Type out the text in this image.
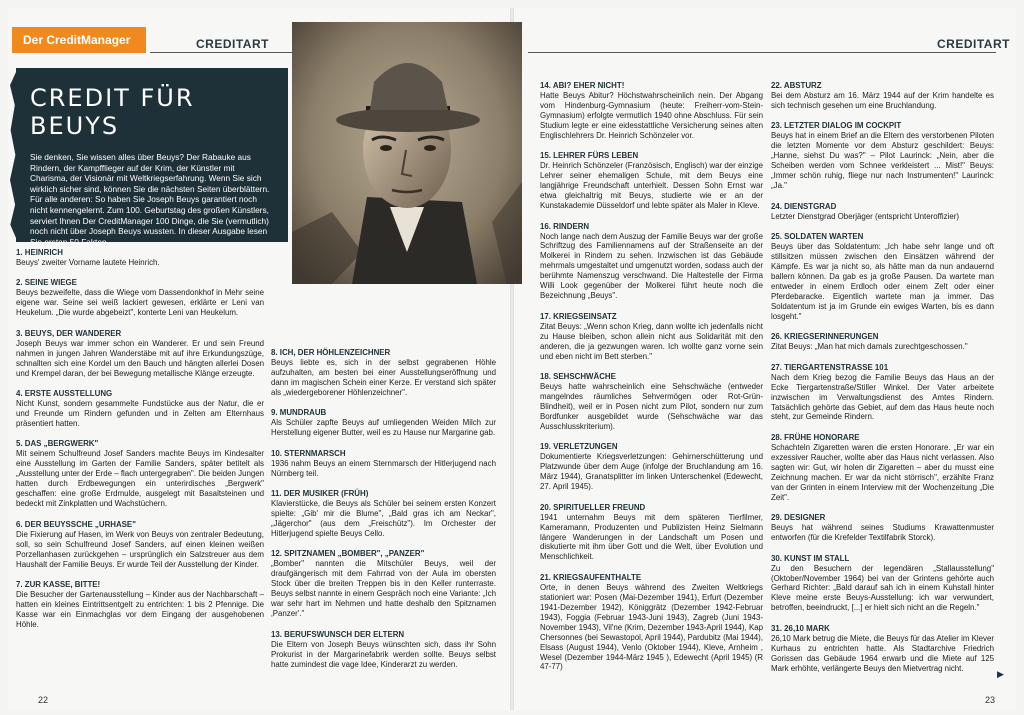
Der CreditManager	CREDITART	CREDITART
CREDIT FÜR BEUYS
Sie denken, Sie wissen alles über Beuys? Der Rabauke aus Rindern, der Kampfflieger auf der Krim, der Künstler mit Charisma, der Visionär mit Weltkriegserfahrung. Wenn Sie sich wirklich sicher sind, können Sie die nächsten Seiten überblättern. Für alle anderen: So haben Sie Joseph Beuys garantiert noch nicht kennengelernt. Zum 100. Geburtstag des großen Künstlers, serviert Ihnen Der CreditManager 100 Dinge, die Sie (vermutlich) noch nicht über Joseph Beuys wussten. In dieser Ausgabe lesen Sie ersten 50 Fakten.
1. HEINRICH

Beuys' zweiter Vorname lautete Heinrich.

2. SEINE WIEGE

Beuys bezweifelte, dass die Wiege vom Dassendonkhof in Mehr seine eigene war. Seine sei weiß lackiert gewesen, erklärte er Leni van Heukelum. „Die wurde abgebeizt", konterte Leni van Heukelum.

3. BEUYS, DER WANDERER

Joseph Beuys war immer schon ein Wanderer. Er und sein Freund nahmen in jungen Jahren Wanderstäbe mit auf ihre Erkundungszüge, schnallten sich eine Kordel um den Bauch und hängten allerlei Dosen und Krempel daran, der bei Bewegung metallische Klänge erzeugte.

4. ERSTE AUSSTELLUNG

Nicht Kunst, sondern gesammelte Fundstücke aus der Natur, die er und Freunde um Rindern gefunden und in Zelten am Elternhaus präsentiert hatten.

5. DAS „BERGWERK"

Mit seinem Schulfreund Josef Sanders machte Beuys im Kindesalter eine Ausstellung im Garten der Familie Sanders, später betitelt als „Ausstellung unter der Erde – flach untergegraben". Die beiden Jungen hatten durch Erdbewegungen ein unterirdisches „Bergwerk" geschaffen: eine große Erdmulde, ausgelegt mit Basaltsteinen und bedeckt mit Zinkplatten und Wachstüchern.

6. DER BEUYSSCHE „URHASE"

Die Fixierung auf Hasen, im Werk von Beuys von zentraler Bedeutung, soll, so sein Schulfreund Josef Sanders, auf einen kleinen weißen Porzellanhasen zurückgehen – ursprünglich ein Salzstreuer aus dem Haushalt der Familie Beuys. Er wurde Teil der Ausstellung der Kinder.

7. ZUR KASSE, BITTE!

Die Besucher der Gartenausstellung – Kinder aus der Nachbarschaft – hatten ein kleines Eintrittsentgelt zu entrichten: 1 bis 2 Pfennige. Die Kasse war ein Einmachglas vor dem Eingang der ausgehobenen Höhle.

8. ICH, DER HÖHLENZEICHNER

Beuys liebte es, sich in der selbst gegrabenen Höhle aufzuhalten, am besten bei einer Ausstellungseröffnung und dann im magischen Schein einer Kerze. Er verstand sich später als „wiedergeborener Höhlenzeichner".

9. MUNDRAUB

Als Schüler zapfte Beuys auf umliegenden Weiden Milch zur Herstellung eigener Butter, weil es zu Hause nur Margarine gab.

10. STERNMARSCH

1936 nahm Beuys an einem Sternmarsch der Hitlerjugend nach Nürnberg teil.

11. DER MUSIKER (FRÜH)

Klavierstücke, die Beuys als Schüler bei seinem ersten Konzert spielte: „Gib' mir die Blume", „Bald gras ich am Neckar", „Jägerchor" (aus dem „Freischütz"). Im Orchester der Hitlerjugend spielte Beuys Cello.

12. SPITZNAMEN „BOMBER", „PANZER"

„Bomber" nannten die Mitschüler Beuys, weil der draufgängerisch mit dem Fahrrad von der Aula im obersten Stock über die breiten Treppen bis in den Keller runterraste. Beuys selbst nannte in einem Gespräch noch eine Variante: „Ich war sehr hart im Nehmen und hatte deshalb den Spitznamen ‚Panzer'."

13. BERUFSWUNSCH DER ELTERN

Die Eltern von Joseph Beuys wünschten sich, dass ihr Sohn Prokurist in der Margarinefabrik werden sollte. Beuys selbst hatte zumindest die vage Idee, Kinderarzt zu werden.

14. ABI? EHER NICHT!

Hatte Beuys Abitur? Höchstwahrscheinlich nein. Der Abgang vom Hindenburg-Gymnasium (heute: Freiherr-vom-Stein-Gymnasium) erfolgte vermutlich 1940 ohne Abschluss. Für sein Studium legte er eine eidesstattliche Versicherung seines alten Englischlehrers Dr. Heinrich Schönzeler vor.

15. LEHRER FÜRS LEBEN

Dr. Heinrich Schönzeler (Französisch, Englisch) war der einzige Lehrer seiner ehemaligen Schule, mit dem Beuys eine langjährige Freundschaft unterhielt. Dessen Sohn Ernst war etwa gleichaltrig mit Beuys, studierte wie er an der Kunstakademie Düsseldorf und lebte später als Maler in Kleve.

16. RINDERN

Noch lange nach dem Auszug der Familie Beuys war der große Schriftzug des Familiennamens auf der Straßenseite an der Molkerei in Rindern zu sehen. Inzwischen ist das Gebäude mehrmals umgestaltet und umgenutzt worden, sodass auch der berühmte Namenszug verschwand. Die Haltestelle der Firma Willi Look gegenüber der Molkerei führt heute noch die Bezeichnung „Beuys".

17. KRIEGSEINSATZ

Zitat Beuys: „Wenn schon Krieg, dann wollte ich jedenfalls nicht zu Hause bleiben, schon allein nicht aus Solidarität mit den anderen, die ja gezwungen waren. Ich wollte ganz vorne sein und eben nicht im Bett sterben."

18. SEHSCHWÄCHE

Beuys hatte wahrscheinlich eine Sehschwäche (entweder mangelndes räumliches Sehvermögen oder Rot-Grün-Blindheit), weil er in Posen nicht zum Pilot, sondern nur zum Bordfunker ausgebildet wurde (Sehschwäche war das Ausschlusskriterium).

19. VERLETZUNGEN

Dokumentierte Kriegsverletzungen: Gehirnerschütterung und Platzwunde über dem Auge (infolge der Bruchlandung am 16. März 1944), Granatsplitter im linken Unterschenkel (Edewecht, 27. April 1945).

20. SPIRITUELLER FREUND

1941 unternahm Beuys mit dem späteren Tierfilmer, Kameramann, Produzenten und Publizisten Heinz Sielmann längere Wanderungen in der Landschaft um Posen und diskutierte mit ihm über Gott und die Welt, über Evolution und Menschlichkeit.

21. KRIEGSAUFENTHALTE

Orte, in denen Beuys während des Zweiten Weltkriegs stationiert war: Posen (Mai-Dezember 1941), Erfurt (Dezember 1941-Dezember 1942), Königgrätz (Dezember 1942-Februar 1943), Foggia (Februar 1943-Juni 1943), Zagreb (Juni 1943-November 1943), Vil'ne (Krim, Dezember 1943-April 1944), Kap Chersonnes (bei Sewastopol, April 1944), Pardubitz (Mai 1944), Elsass (August 1944), Venlo (Oktober 1944), Kleve, Arnheim , Wesel (Dezember 1944-März 1945 ), Edewecht (April 1945) (R 47-77)

22. ABSTURZ

Bei dem Absturz am 16. März 1944 auf der Krim handelte es sich technisch gesehen um eine Bruchlandung.

23. LETZTER DIALOG IM COCKPIT

Beuys hat in einem Brief an die Eltern des verstorbenen Piloten die letzten Momente vor dem Absturz geschildert: Beuys: „Hanne, siehst Du was?" – Pilot Laurinck: „Nein, aber die Scheiben werden vom Schnee verkleistert ... Mist!" Beuys: „Immer schön ruhig, fliege nur nach Instrumenten!" Laurinck: „Ja."

24. DIENSTGRAD

Letzter Dienstgrad Oberjäger (entspricht Unteroffizier)

25. SOLDATEN WARTEN

Beuys über das Soldatentum: „Ich habe sehr lange und oft stillsitzen müssen zwischen den Einsätzen während der Kämpfe. Es war ja nicht so, als hätte man da nun andauernd ballern können. Da gab es ja große Pausen. Da wartete man entweder in einem Erdloch oder einem Zelt oder einer Pferdebaracke. Eigentlich wartete man ja immer. Das Soldatentum ist ja im Grunde ein ewiges Warten, bis es dann losgeht."

26. KRIEGSERINNERUNGEN

Zitat Beuys: „Man hat mich damals zurechtgeschossen."

27. TIERGARTENSTRASSE 101

Nach dem Krieg bezog die Familie Beuys das Haus an der Ecke Tiergartenstraße/Stiller Winkel. Der Vater arbeitete inzwischen im Verwaltungsdienst des Amtes Rindern. Tatsächlich gehörte das Gebiet, auf dem das Haus heute noch steht, zur Gemeinde Rindern.

28. FRÜHE HONORARE

Schachteln Zigaretten waren die ersten Honorare. „Er war ein exzessiver Raucher, wollte aber das Haus nicht verlassen. Also sagten wir: Gut, wir holen dir Zigaretten – aber du musst eine Zeichnung machen. Er war da nicht störrisch", erzählte Franz van der Grinten in einem Interview mit der Wochenzeitung „Die Zeit".

29. DESIGNER

Beuys hat während seines Studiums Krawattenmuster entworfen (für die Krefelder Textilfabrik Storck).

30. KUNST IM STALL

Zu den Besuchern der legendären „Stallausstellung" (Oktober/November 1964) bei van der Grintens gehörte auch Gerhard Richter: „Bald darauf sah ich in einem Kuhstall hinter Kleve meine erste Beuys-Ausstellung: ich war verwundert, betroffen, beeindruckt, [...] er hielt sich nicht an die Regeln."

31. 26,10 MARK

26,10 Mark betrug die Miete, die Beuys für das Atelier im Klever Kurhaus zu entrichten hatte. Als Stadtarchive Friedrich Gorissen das Gebäude 1964 erwarb und die Miete auf 125 Mark erhöhte, verlängerte Beuys den Mietvertrag nicht.

22	23
▶
